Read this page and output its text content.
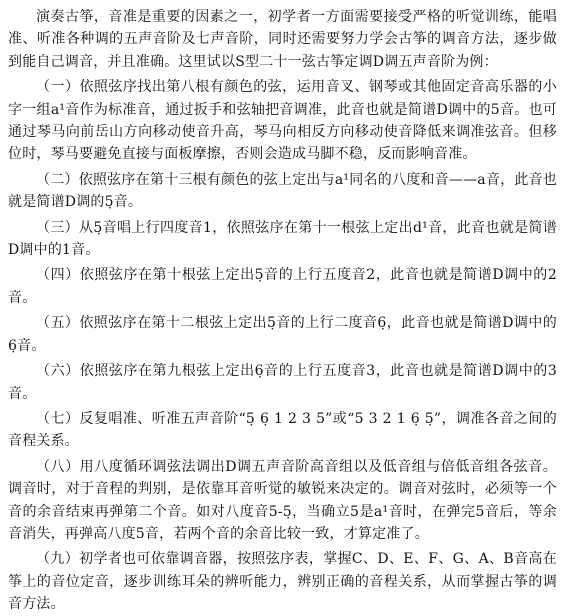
演奏古筝，音准是重要的因素之一，初学者一方面需要接受严格的听觉训练，能唱准、听准各种调的五声音阶及七声音阶，同时还需要努力学会古筝的调音方法，逐步做到能自己调音，并且准确。这里试以S型二十一弦古筝定调D调五声音阶为例：

（一）依照弦序找出第八根有颜色的弦，运用音叉、钢琴或其他固定音高乐器的小字一组a¹音作为标准音，通过扳手和弦轴把音调准，此音也就是简谱D调中的5音。也可通过琴马向前岳山方向移动使音升高，琴马向相反方向移动使音降低来调准弦音。但移位时，琴马要避免直接与面板摩擦，否则会造成马脚不稳，反而影响音准。

（二）依照弦序在第十三根有颜色的弦上定出与a¹同名的八度和音——a音，此音也就是简谱D调的5̣音。

（三）从5̣音唱上行四度音1，依照弦序在第十一根弦上定出d¹音，此音也就是简谱D调中的1音。

（四）依照弦序在第十根弦上定出5̣音的上行五度音2，此音也就是简谱D调中的2音。

（五）依照弦序在第十二根弦上定出5̣音的上行二度音6̣，此音也就是简谱D调中的6̣音。

（六）依照弦序在第九根弦上定出6̣音的上行五度音3，此音也就是简谱D调中的3音。

（七）反复唱准、听准五声音阶“5̣ 6̣ 1 2 3 5”或“5 3 2 1 6̣ 5̣”，调准各音之间的音程关系。

（八）用八度循环调弦法调出D调五声音阶高音组以及低音组与倍低音组各弦音。调音时，对于音程的判别，是依靠耳音听觉的敏锐来决定的。调音对弦时，必须等一个音的余音结束再弹第二个音。如对八度音5-5̣，当确立5是a¹音时，在弹完5音后，等余音消失，再弹高八度5̇音，若两个音的余音比较一致，才算定准了。

（九）初学者也可依靠调音器，按照弦序表，掌握C、D、E、F、G、A、B音高在筝上的音位定音，逐步训练耳朵的辨听能力，辨别正确的音程关系，从而掌握古筝的调音方法。
